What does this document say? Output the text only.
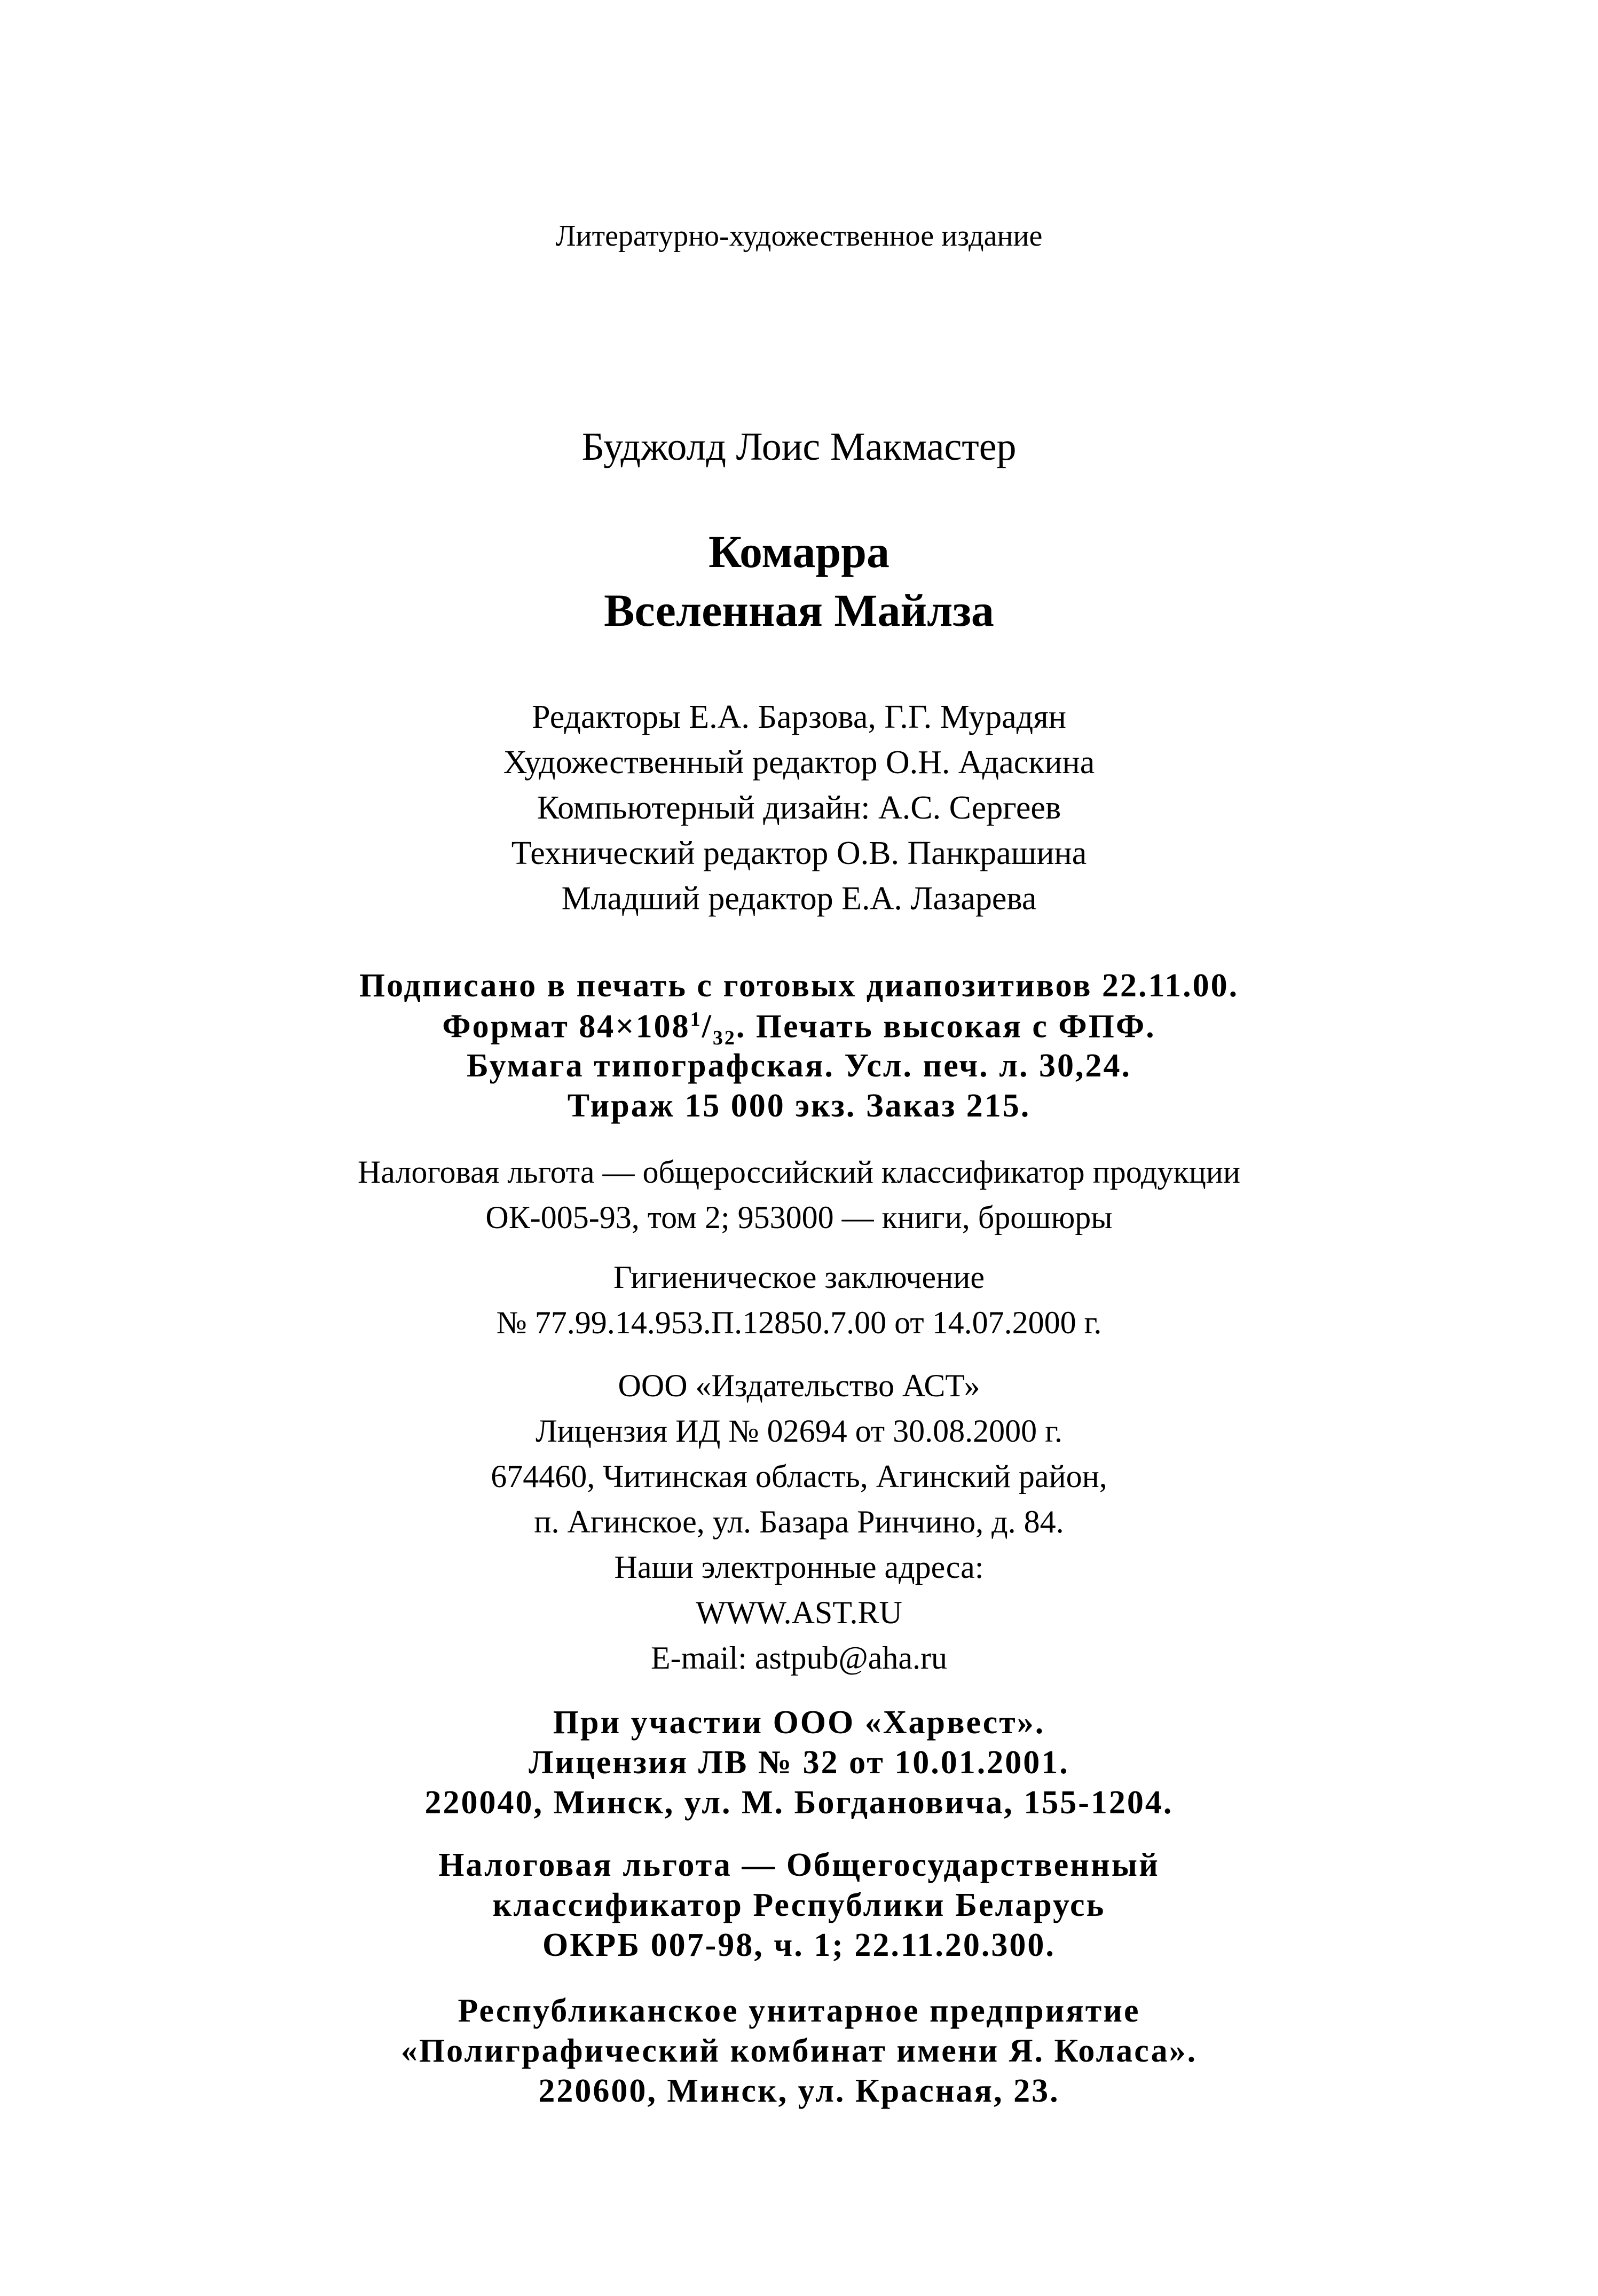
Литературно-художественное издание
Буджолд Лоис Макмастер
Комарра
Вселенная Майлза
Редакторы Е.А. Барзова, Г.Г. Мурадян
Художественный редактор О.Н. Адаскина
Компьютерный дизайн: А.С. Сергеев
Технический редактор О.В. Панкрашина
Младший редактор Е.А. Лазарева
Подписано в печать с готовых диапозитивов 22.11.00.
Формат $84\times 108^1/_{32}$. Печать высокая с ФПФ.
Бумага типографская. Усл. печ. л. 30,24.
Тираж 15 000 экз. Заказ 215.
Налоговая льгота — общероссийский классификатор продукции
ОК-005-93, том 2; 953000 — книги, брошюры
Гигиеническое заключение
№ 77.99.14.953.П.12850.7.00 от 14.07.2000 г.
ООО «Издательство АСТ»
Лицензия ИД № 02694 от 30.08.2000 г.
674460, Читинская область, Агинский район,
п. Агинское, ул. Базара Ринчино, д. 84.
Наши электронные адреса:
WWW.AST.RU
E-mail: astpub@aha.ru
При участии ООО «Харвест».
Лицензия ЛВ № 32 от 10.01.2001.
220040, Минск, ул. М. Богдановича, 155-1204.
Налоговая льгота — Общегосударственный
классификатор Республики Беларусь
ОКРБ 007-98, ч. 1; 22.11.20.300.
Республиканское унитарное предприятие
«Полиграфический комбинат имени Я. Коласа».
220600, Минск, ул. Красная, 23.
